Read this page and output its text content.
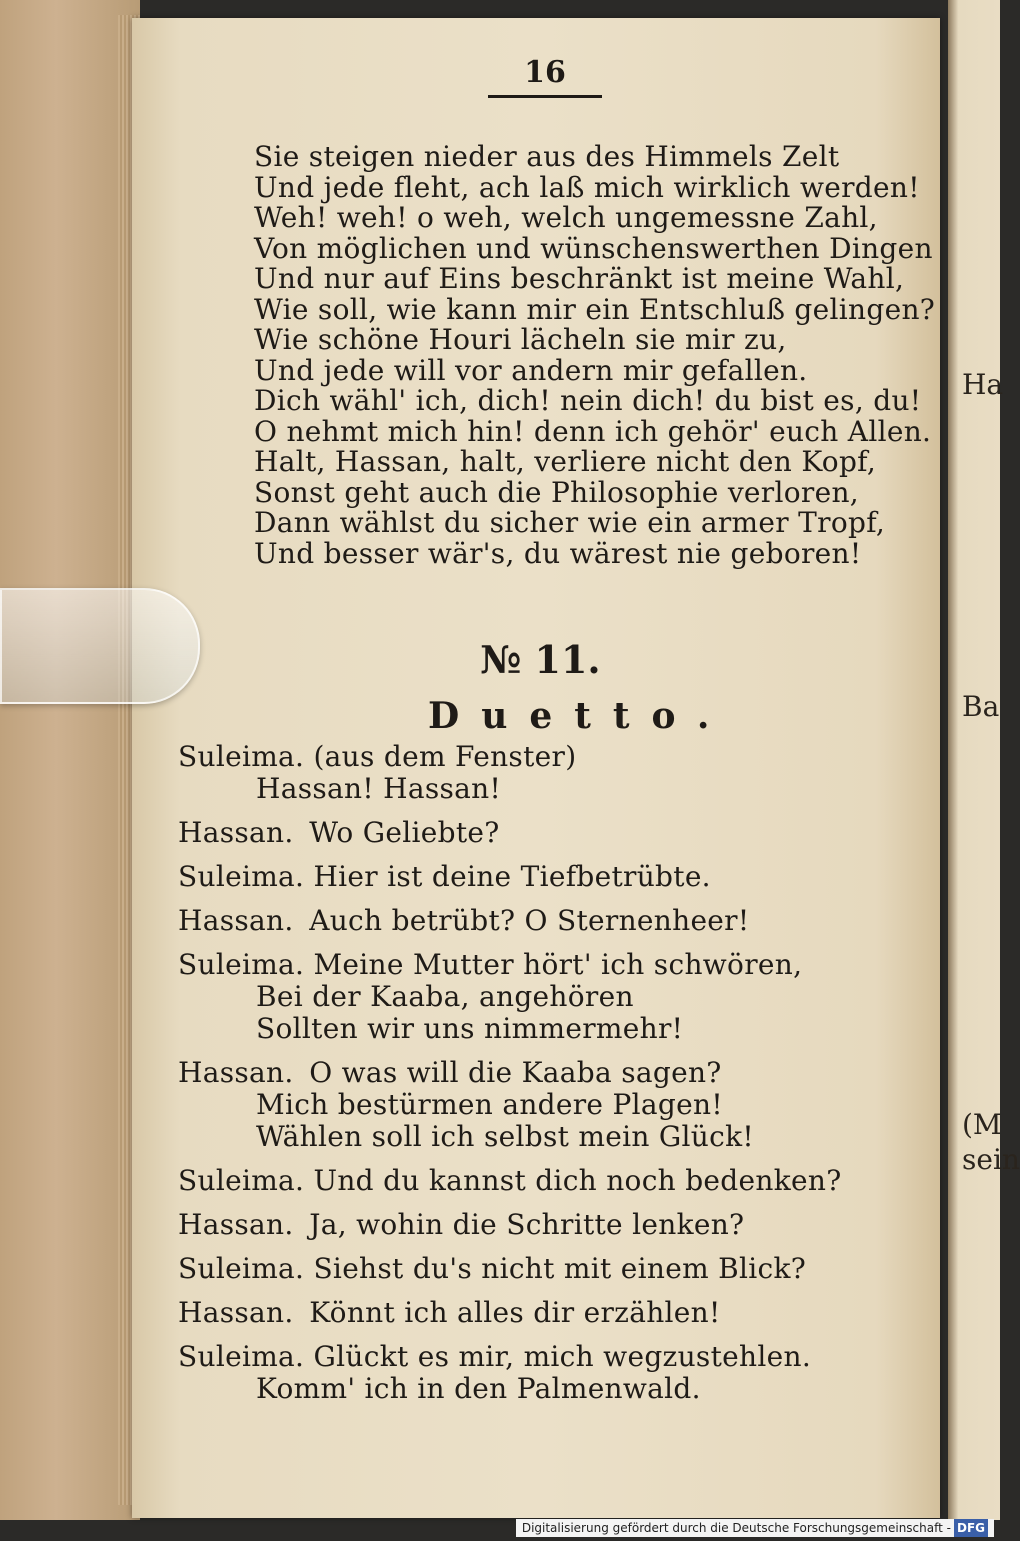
Ha
Ba
(M
sein
16
Sie steigen nieder aus des Himmels Zelt
Und jede fleht, ach laß mich wirklich werden!
Weh! weh! o weh, welch ungemessne Zahl,
Von möglichen und wünschenswerthen Dingen
Und nur auf Eins beschränkt ist meine Wahl,
Wie soll, wie kann mir ein Entschluß gelingen?
Wie schöne Houri lächeln sie mir zu,
Und jede will vor andern mir gefallen.
Dich wähl' ich, dich! nein dich! du bist es, du!
O nehmt mich hin! denn ich gehör' euch Allen.
Halt, Hassan, halt, verliere nicht den Kopf,
Sonst geht auch die Philosophie verloren,
Dann wählst du sicher wie ein armer Tropf,
Und besser wär's, du wärest nie geboren!
№ 11.
Duetto.
Suleima. (aus dem Fenster)
Hassan! Hassan!
Hassan. Wo Geliebte?
Suleima. Hier ist deine Tiefbetrübte.
Hassan. Auch betrübt? O Sternenheer!
Suleima. Meine Mutter hört' ich schwören,
Bei der Kaaba, angehören
Sollten wir uns nimmermehr!
Hassan. O was will die Kaaba sagen?
Mich bestürmen andere Plagen!
Wählen soll ich selbst mein Glück!
Suleima. Und du kannst dich noch bedenken?
Hassan. Ja, wohin die Schritte lenken?
Suleima. Siehst du's nicht mit einem Blick?
Hassan. Könnt ich alles dir erzählen!
Suleima. Glückt es mir, mich wegzustehlen.
Komm' ich in den Palmenwald.
Digitalisierung gefördert durch die Deutsche Forschungsgemeinschaft - DFG
